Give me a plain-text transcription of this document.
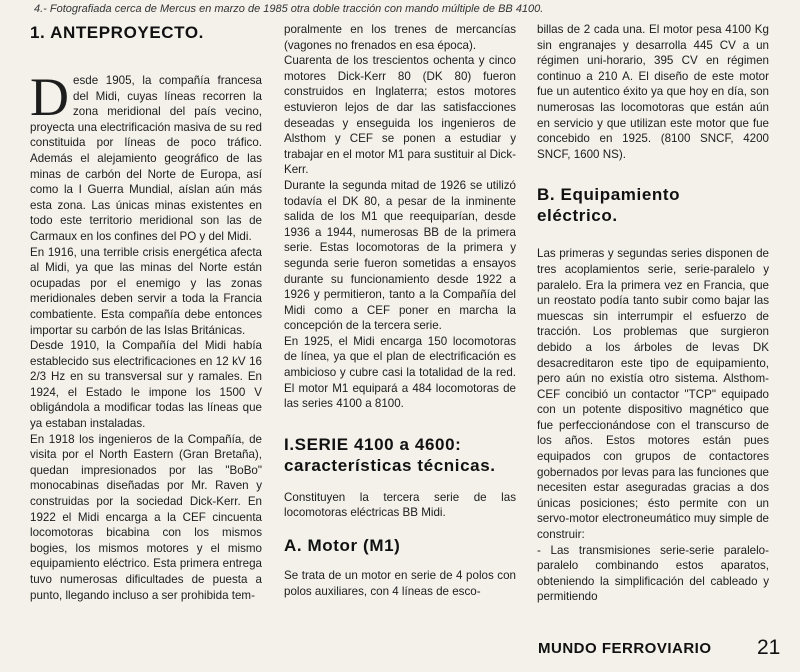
4.- Fotografiada cerca de Mercus en marzo de 1985 otra doble tracción con mando múltiple de BB 4100.
1. ANTEPROYECTO.

Desde 1905, la compañía francesa del Midi, cuyas líneas recorren la zona meridional del país vecino, proyecta una electrificación masiva de su red constituida por líneas de poco tráfico. Además el alejamiento geográfico de las minas de carbón del Norte de Europa, así como la I Guerra Mundial, aíslan aún más esta zona. Las únicas minas existentes en todo este territorio meridional son las de Carmaux en los confines del PO y del Midi.

En 1916, una terrible crisis energética afecta al Midi, ya que las minas del Norte están ocupadas por el enemigo y las zonas meridionales deben servir a toda la Francia combatiente. Esta compañía debe entonces importar su carbón de las Islas Británicas.

Desde 1910, la Compañía del Midi había establecido sus electrificaciones en 12 kV 16 2/3 Hz en su transversal sur y ramales. En 1924, el Estado le impone los 1500 V obligándola a modificar todas las líneas que ya estaban instaladas.

En 1918 los ingenieros de la Compañía, de visita por el North Eastern (Gran Bretaña), quedan impresionados por las "BoBo" monocabinas diseñadas por Mr. Raven y construidas por la sociedad Dick-Kerr. En 1922 el Midi encarga a la CEF cincuenta locomotoras bicabina con los mismos bogies, los mismos motores y el mismo equipamiento eléctrico. Esta primera entrega tuvo numerosas dificultades de puesta a punto, llegando incluso a ser prohibida tem-

poralmente en los trenes de mercancías (vagones no frenados en esa época).

Cuarenta de los trescientos ochenta y cinco motores Dick-Kerr 80 (DK 80) fueron construidos en Inglaterra; estos motores estuvieron lejos de dar las satisfacciones deseadas y enseguida los ingenieros de Alsthom y CEF se ponen a estudiar y trabajar en el motor M1 para sustituir al Dick-Kerr.

Durante la segunda mitad de 1926 se utilizó todavía el DK 80, a pesar de la inminente salida de los M1 que reequiparían, desde 1936 a 1944, numerosas BB de la primera serie. Estas locomotoras de la primera y segunda serie fueron sometidas a ensayos durante su funcionamiento desde 1922 a 1926 y permitieron, tanto a la Compañía del Midi como a CEF poner en marcha la concepción de la tercera serie.

En 1925, el Midi encarga 150 locomotoras de línea, ya que el plan de electrificación es ambicioso y cubre casi la totalidad de la red. El motor M1 equipará a 484 locomotoras de las series 4100 a 8100.

I.SERIE 4100 a 4600:
características técnicas.

Constituyen la tercera serie de las locomotoras eléctricas BB Midi.

A. Motor (M1)

Se trata de un motor en serie de 4 polos con polos auxiliares, con 4 líneas de esco-

billas de 2 cada una. El motor pesa 4100 Kg sin engranajes y desarrolla 445 CV a un régimen uni-horario, 395 CV en régimen continuo a 210 A. El diseño de este motor fue un autentico éxito ya que hoy en día, son numerosas las locomotoras que están aún en servicio y que utilizan este motor que fue concebido en 1925. (8100 SNCF, 4200 SNCF, 1600 NS).

B. Equipamiento
eléctrico.

Las primeras y segundas series disponen de tres acoplamientos serie, serie-paralelo y paralelo. Era la primera vez en Francia, que un reostato podía tanto subir como bajar las muescas sin interrumpir el esfuerzo de tracción. Los problemas que surgieron debido a los árboles de levas DK desacreditaron este tipo de equipamiento, pero aún no existía otro sistema. Alsthom-CEF concibió un contactor "TCP" equipado con un potente dispositivo magnético que fue perfeccionándose con el transcurso de los años. Estos motores están pues equipados con grupos de contactores gobernados por levas para las funciones que necesiten estar aseguradas gracias a dos únicas posiciones; ésto permite con un servo-motor electroneumático muy simple de construir:

- Las transmisiones serie-serie paralelo-paralelo combinando estos aparatos, obteniendo la simplificación del cableado y permitiendo

MUNDO FERROVIARIO 21
